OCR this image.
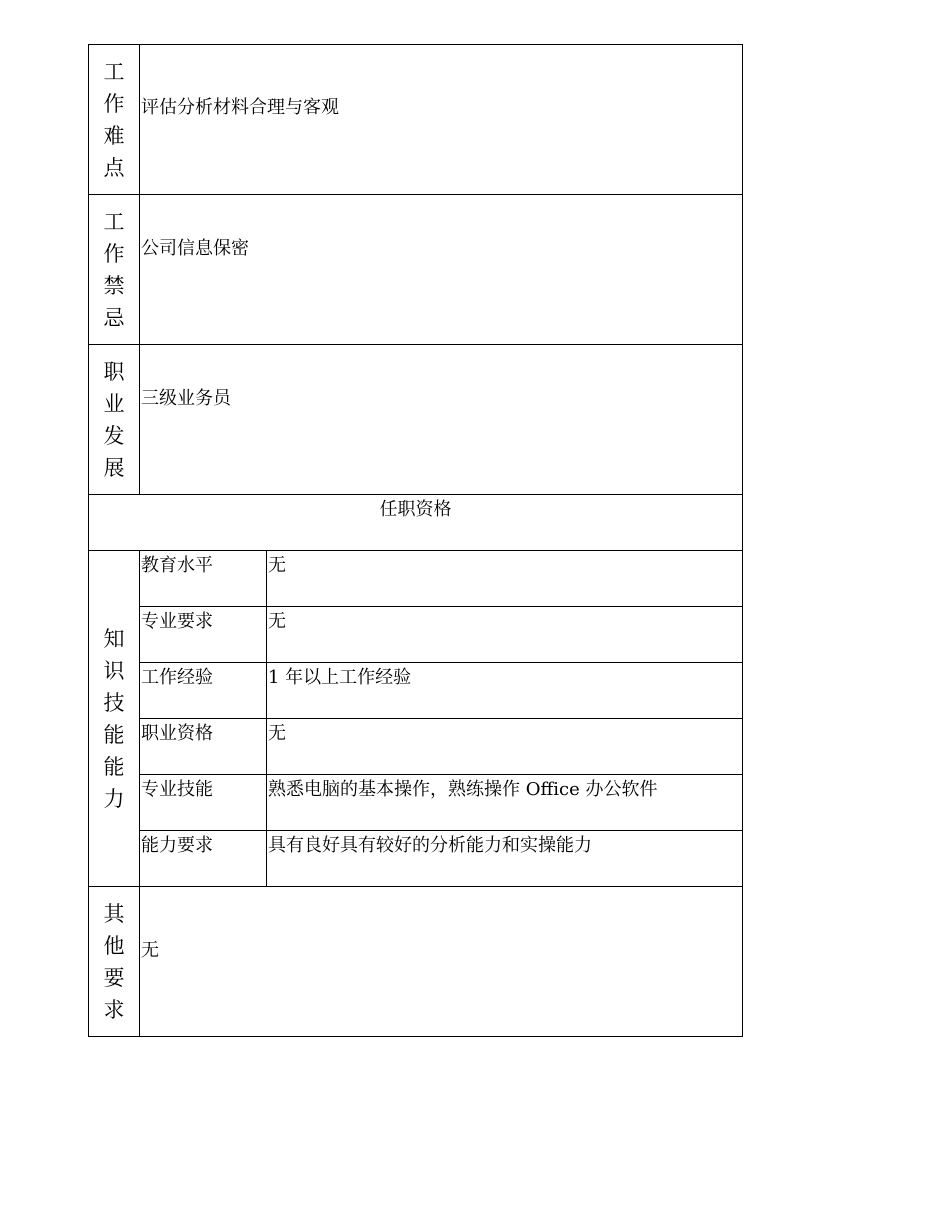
工作难点	评估分析材料合理与客观	

工作禁忌	公司信息保密	

职业发展	三级业务员	

任职资格		
知识技能能力	教育水平	无
	专业要求	无
	工作经验	1 年以上工作经验
	职业资格	无
	专业技能	熟悉电脑的基本操作，熟练操作 Office 办公软件
	能力要求	具有良好具有较好的分析能力和实操能力
其他要求	无	
